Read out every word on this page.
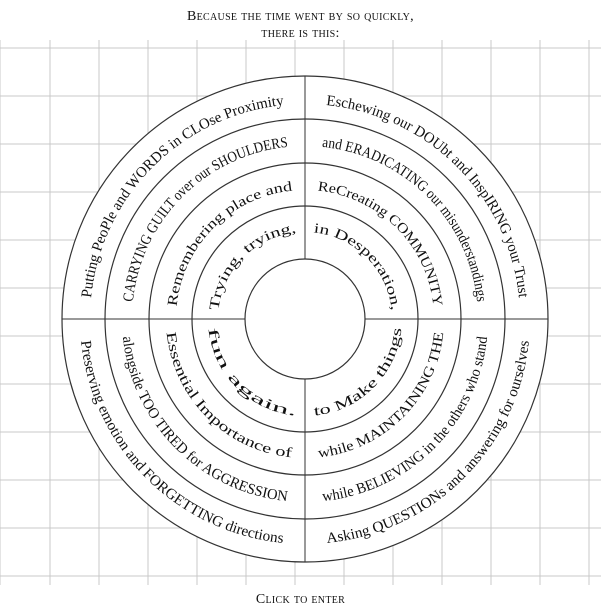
Because the time went by so quickly,
there is this:
Putting PeoPle and WORDS in CLOse Proximity	Eschewing our DOUbt and InspIRING your Trust
Asking QUESTIONs and answering for ourselves
Preserving emotion and FORGETTING directions
CARRYING GUILT over our SHOULDERS and ERADICATING our misunderstandings
while BELIEVING in the others who stand
alongside TOO TIRED for AGGRESSION
Remembering place and ReCreating COMMUNITY
while MAINTAINING THE
Essential Importance of
Trying, trying, in Desperation,
to Make things
fun again.
Click to enter
